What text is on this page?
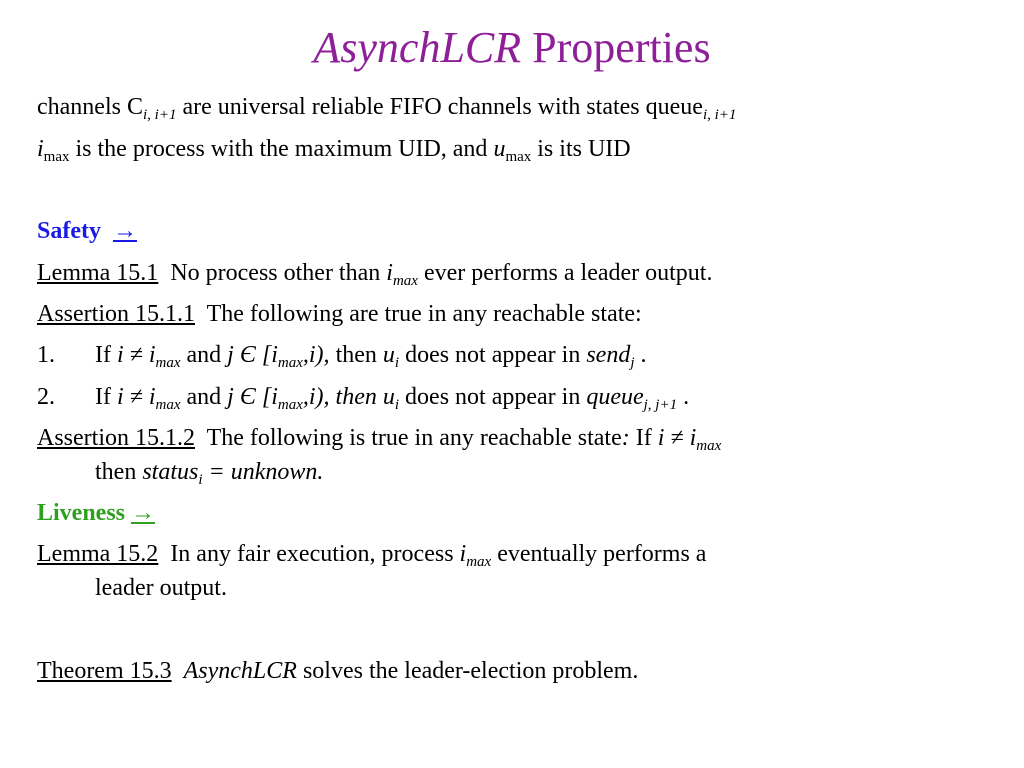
AsynchLCR Properties
channels $C_{i, i+1}$ are universal reliable FIFO channels with states queue$_{i, i+1}$
$i_{max}$ is the process with the maximum UID, and $u_{max}$ is its UID
Safety →
Lemma 15.1  No process other than $i_{max}$ ever performs a leader output.
Assertion 15.1.1  The following are true in any reachable state:
1. If $i \ne i_{max}$ and j Є $[i_{max},i)$, then $u_i$ does not appear in send$_j$ .
2. If $i \ne i_{max}$ and j Є $[i_{max},i)$, then $u_i$ does not appear in queue$_{j, j+1}$ .
Assertion 15.1.2  The following is true in any reachable state: If $i \ne i_{max}$
then status$_i$ = unknown.
Liveness →
Lemma 15.2  In any fair execution, process $i_{max}$ eventually performs a
leader output.
Theorem 15.3 AsynchLCR solves the leader-election problem.
